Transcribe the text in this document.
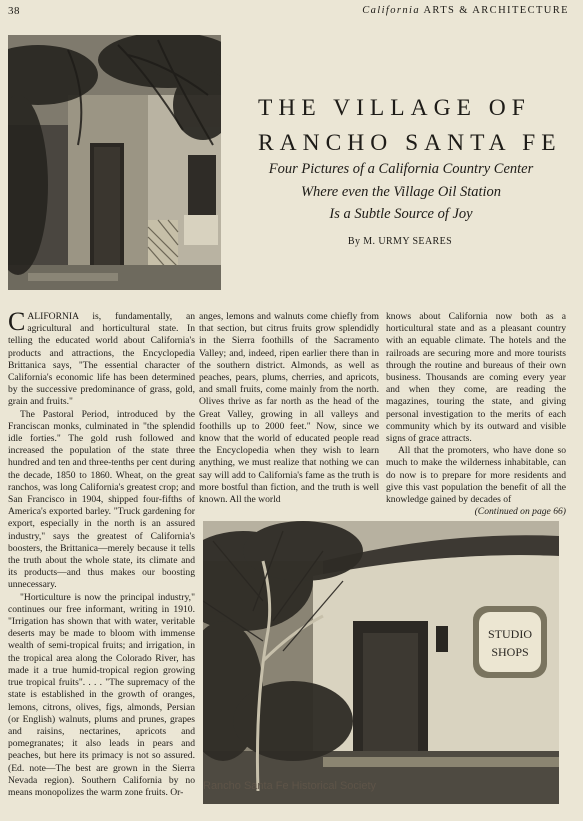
38	California ARTS & ARCHITECTURE
THE VILLAGE OF
RANCHO SANTA FE
Four Pictures of a California Country Center
Where even the Village Oil Station
Is a Subtle Source of Joy
By M. URMY SEARES

CALIFORNIA is, fundamentally, an agricultural and horticultural state. In telling the educated world about California's products and attractions, the Encyclopedia Brittanica says, "The essential character of California's economic life has been determined by the successive predominance of grass, gold, grain and fruits."

The Pastoral Period, introduced by the Franciscan monks, culminated in "the splendid idle forties." The gold rush followed and increased the population of the state three hundred and ten and three-tenths per cent during the decade, 1850 to 1860. Wheat, on the great ranchos, was long California's greatest crop; and San Francisco in 1904, shipped four-fifths of America's exported barley. "Truck gardening for export, especially in the north is an assured industry," says the greatest of California's boosters, the Brittanica—merely because it tells the truth about the whole state, its climate and its products—and thus makes our boosting unnecessary.

"Horticulture is now the principal industry," continues our free informant, writing in 1910. "Irrigation has shown that with water, veritable deserts may be made to bloom with immense wealth of semi-tropical fruits; and irrigation, in the tropical area along the Colorado River, has made it a true humid-tropical region growing true tropical fruits". . . . "The supremacy of the state is established in the growth of oranges, lemons, citrons, olives, figs, almonds, Persian (or English) walnuts, plums and prunes, grapes and raisins, nectarines, apricots and pomegranates; it also leads in pears and peaches, but here its primacy is not so assured. (Ed. note—The best are grown in the Sierra Nevada region). Southern California by no means monopolizes the warm zone fruits. Or-

anges, lemons and walnuts come chiefly from that section, but citrus fruits grow splendidly in the Sierra foothills of the Sacramento Valley; and, indeed, ripen earlier there than in the southern district. Almonds, as well as peaches, pears, plums, cherries, and apricots, and small fruits, come mainly from the north. Olives thrive as far north as the head of the Great Valley, growing in all valleys and foothills up to 2000 feet." Now, since we know that the world of educated people read the Encyclopedia when they wish to learn anything, we must realize that nothing we can say will add to California's fame as the truth is more bostful than fiction, and the truth is well known. All the world

knows about California now both as a horticultural state and as a pleasant country with an equable climate. The hotels and the railroads are securing more and more tourists through the routine and bureaus of their own business. Thousands are coming every year and when they come, are reading the magazines, touring the state, and giving personal investigation to the merits of each community which by its outward and visible signs of grace attracts.

All that the promoters, who have done so much to make the wilderness inhabitable, can do now is to prepare for more residents and give this vast population the benefit of all the knowledge gained by decades of

(Continued on page 66)

STUDIO
SHOPS
Rancho Santa Fe Historical Society
